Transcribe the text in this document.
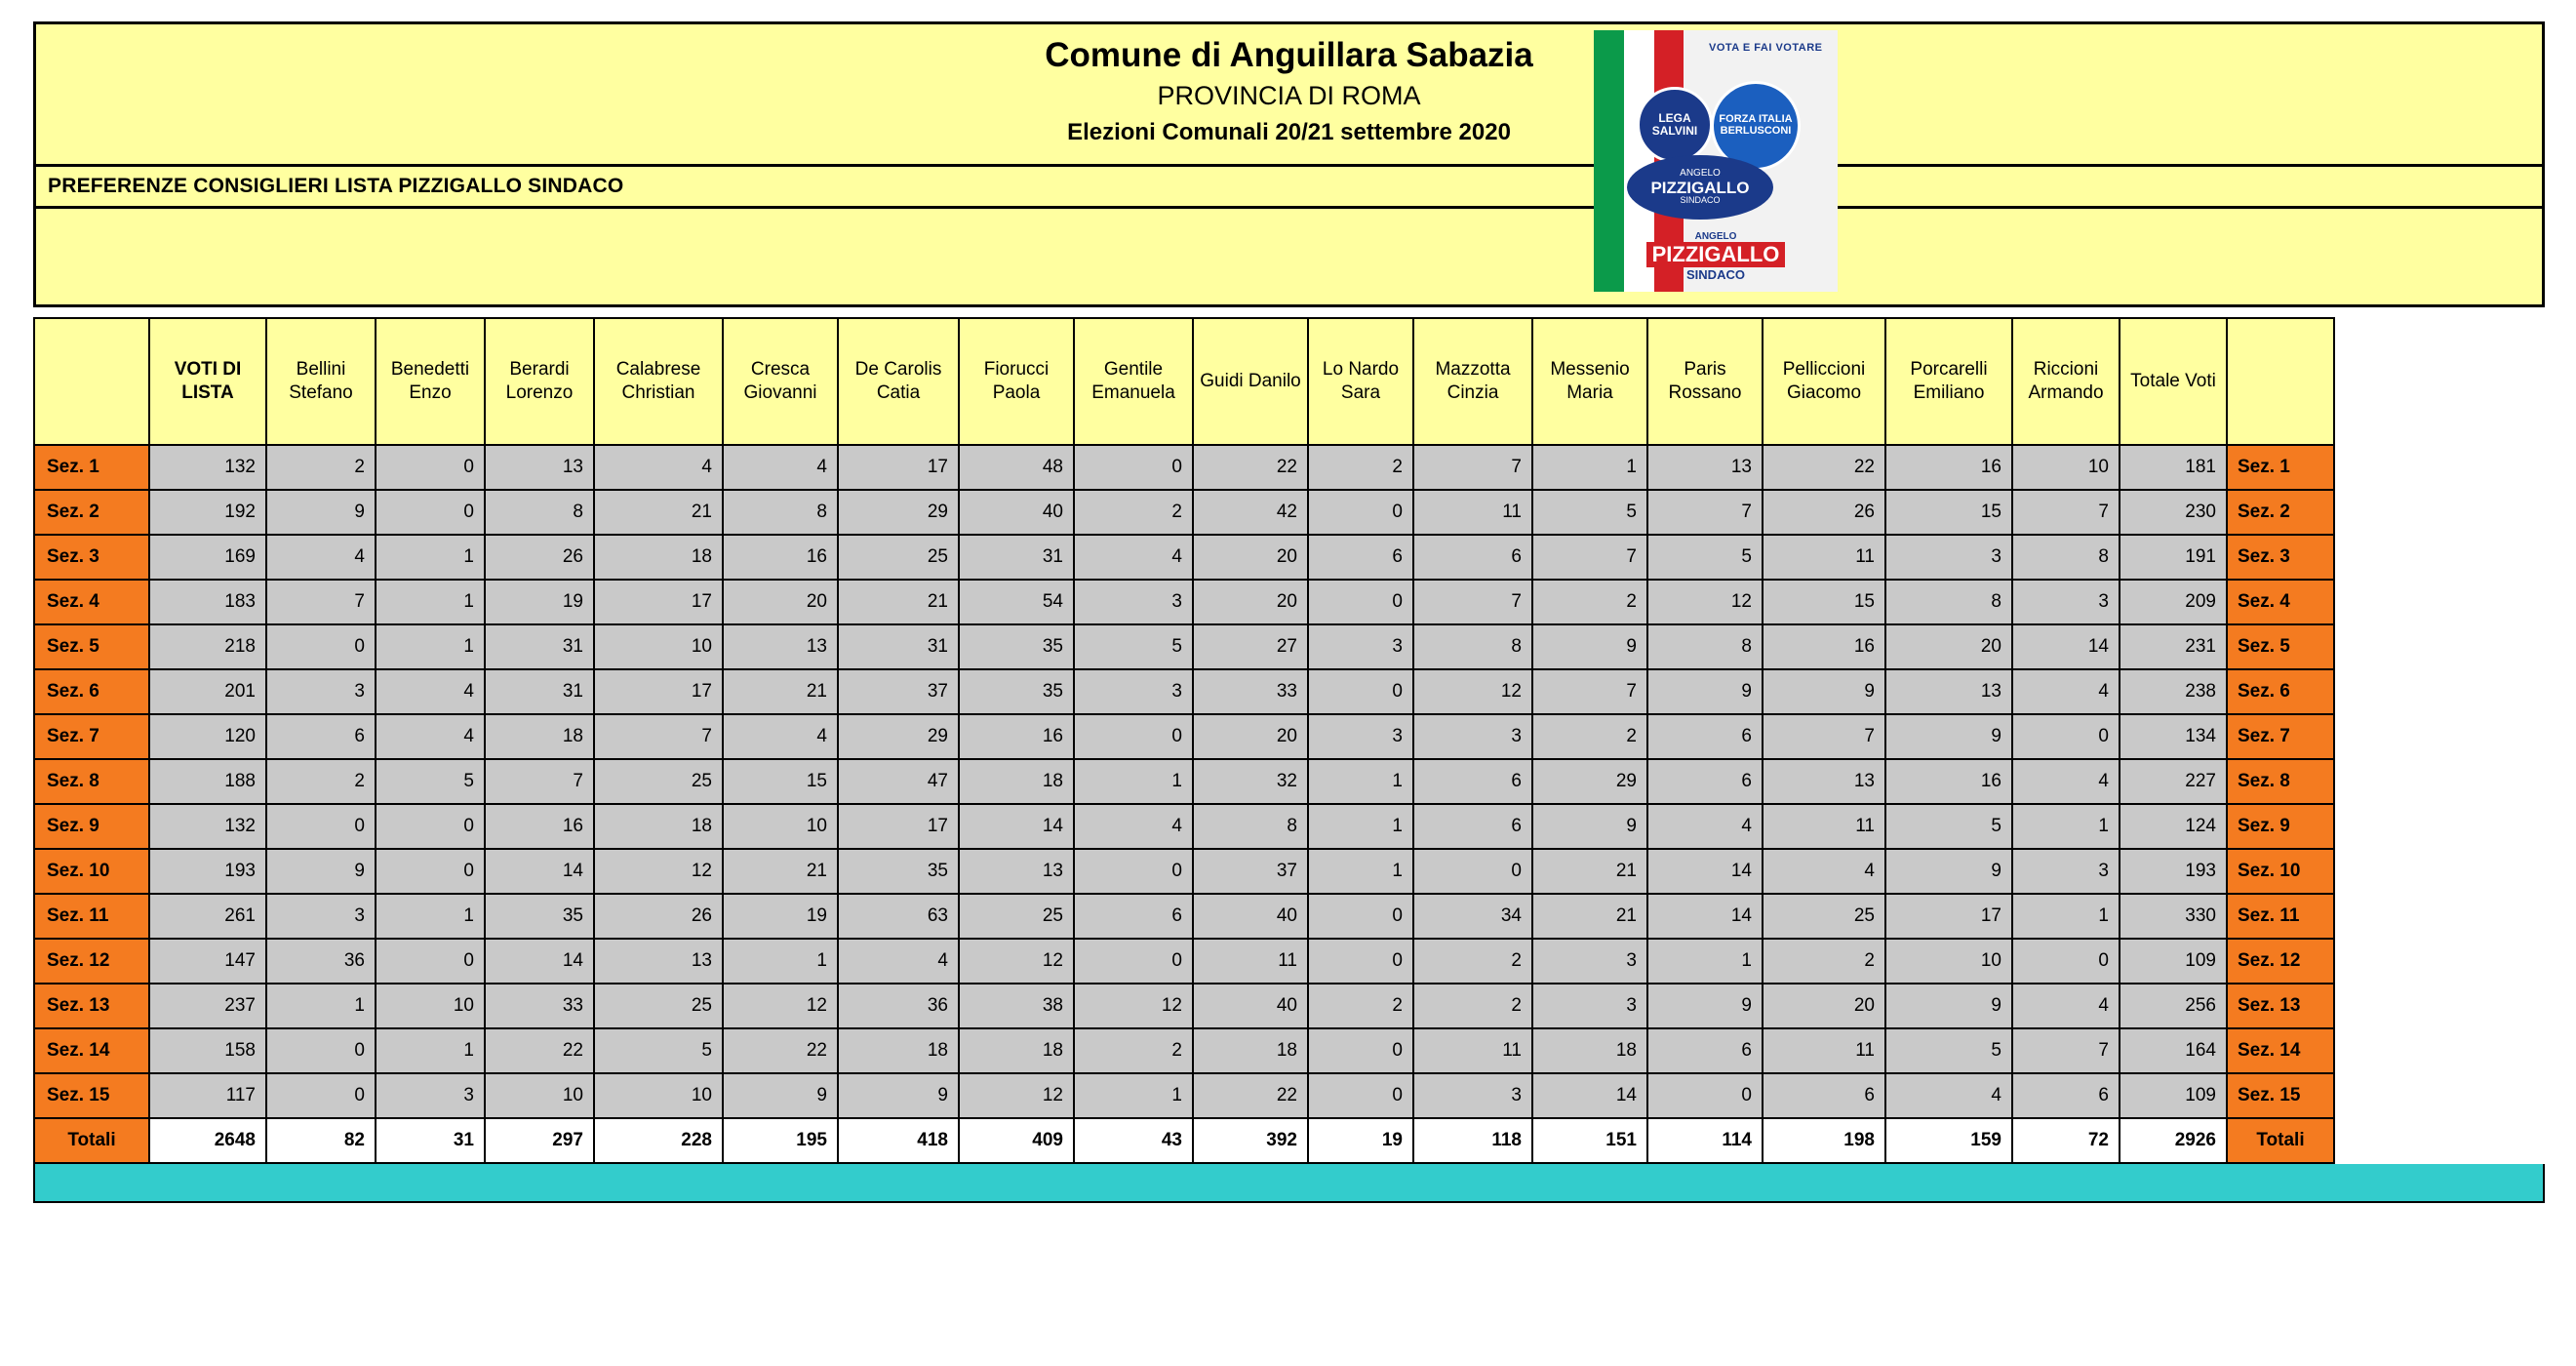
Comune di Anguillara Sabazia
PROVINCIA DI ROMA
Elezioni Comunali 20/21 settembre 2020
VOTA E FAI VOTARE
LEGA SALVINI
FORZA ITALIA BERLUSCONI
ANGELO
PIZZIGALLO
SINDACO
ANGELO
PIZZIGALLO
SINDACO
PREFERENZE CONSIGLIERI LISTA PIZZIGALLO SINDACO
	VOTI DI LISTA	Bellini Stefano	Benedetti Enzo	Berardi Lorenzo	Calabrese Christian	Cresca Giovanni	De Carolis Catia	Fiorucci Paola	Gentile Emanuela	Guidi Danilo	Lo Nardo Sara	Mazzotta Cinzia	Messenio Maria	Paris Rossano	Pelliccioni Giacomo	Porcarelli Emiliano	Riccioni Armando	Totale Voti	
Sez. 1	132	2	0	13	4	4	17	48	0	22	2	7	1	13	22	16	10	181	Sez. 1
Sez. 2	192	9	0	8	21	8	29	40	2	42	0	11	5	7	26	15	7	230	Sez. 2
Sez. 3	169	4	1	26	18	16	25	31	4	20	6	6	7	5	11	3	8	191	Sez. 3
Sez. 4	183	7	1	19	17	20	21	54	3	20	0	7	2	12	15	8	3	209	Sez. 4
Sez. 5	218	0	1	31	10	13	31	35	5	27	3	8	9	8	16	20	14	231	Sez. 5
Sez. 6	201	3	4	31	17	21	37	35	3	33	0	12	7	9	9	13	4	238	Sez. 6
Sez. 7	120	6	4	18	7	4	29	16	0	20	3	3	2	6	7	9	0	134	Sez. 7
Sez. 8	188	2	5	7	25	15	47	18	1	32	1	6	29	6	13	16	4	227	Sez. 8
Sez. 9	132	0	0	16	18	10	17	14	4	8	1	6	9	4	11	5	1	124	Sez. 9
Sez. 10	193	9	0	14	12	21	35	13	0	37	1	0	21	14	4	9	3	193	Sez. 10
Sez. 11	261	3	1	35	26	19	63	25	6	40	0	34	21	14	25	17	1	330	Sez. 11
Sez. 12	147	36	0	14	13	1	4	12	0	11	0	2	3	1	2	10	0	109	Sez. 12
Sez. 13	237	1	10	33	25	12	36	38	12	40	2	2	3	9	20	9	4	256	Sez. 13
Sez. 14	158	0	1	22	5	22	18	18	2	18	0	11	18	6	11	5	7	164	Sez. 14
Sez. 15	117	0	3	10	10	9	9	12	1	22	0	3	14	0	6	4	6	109	Sez. 15
Totali	2648	82	31	297	228	195	418	409	43	392	19	118	151	114	198	159	72	2926	Totali
